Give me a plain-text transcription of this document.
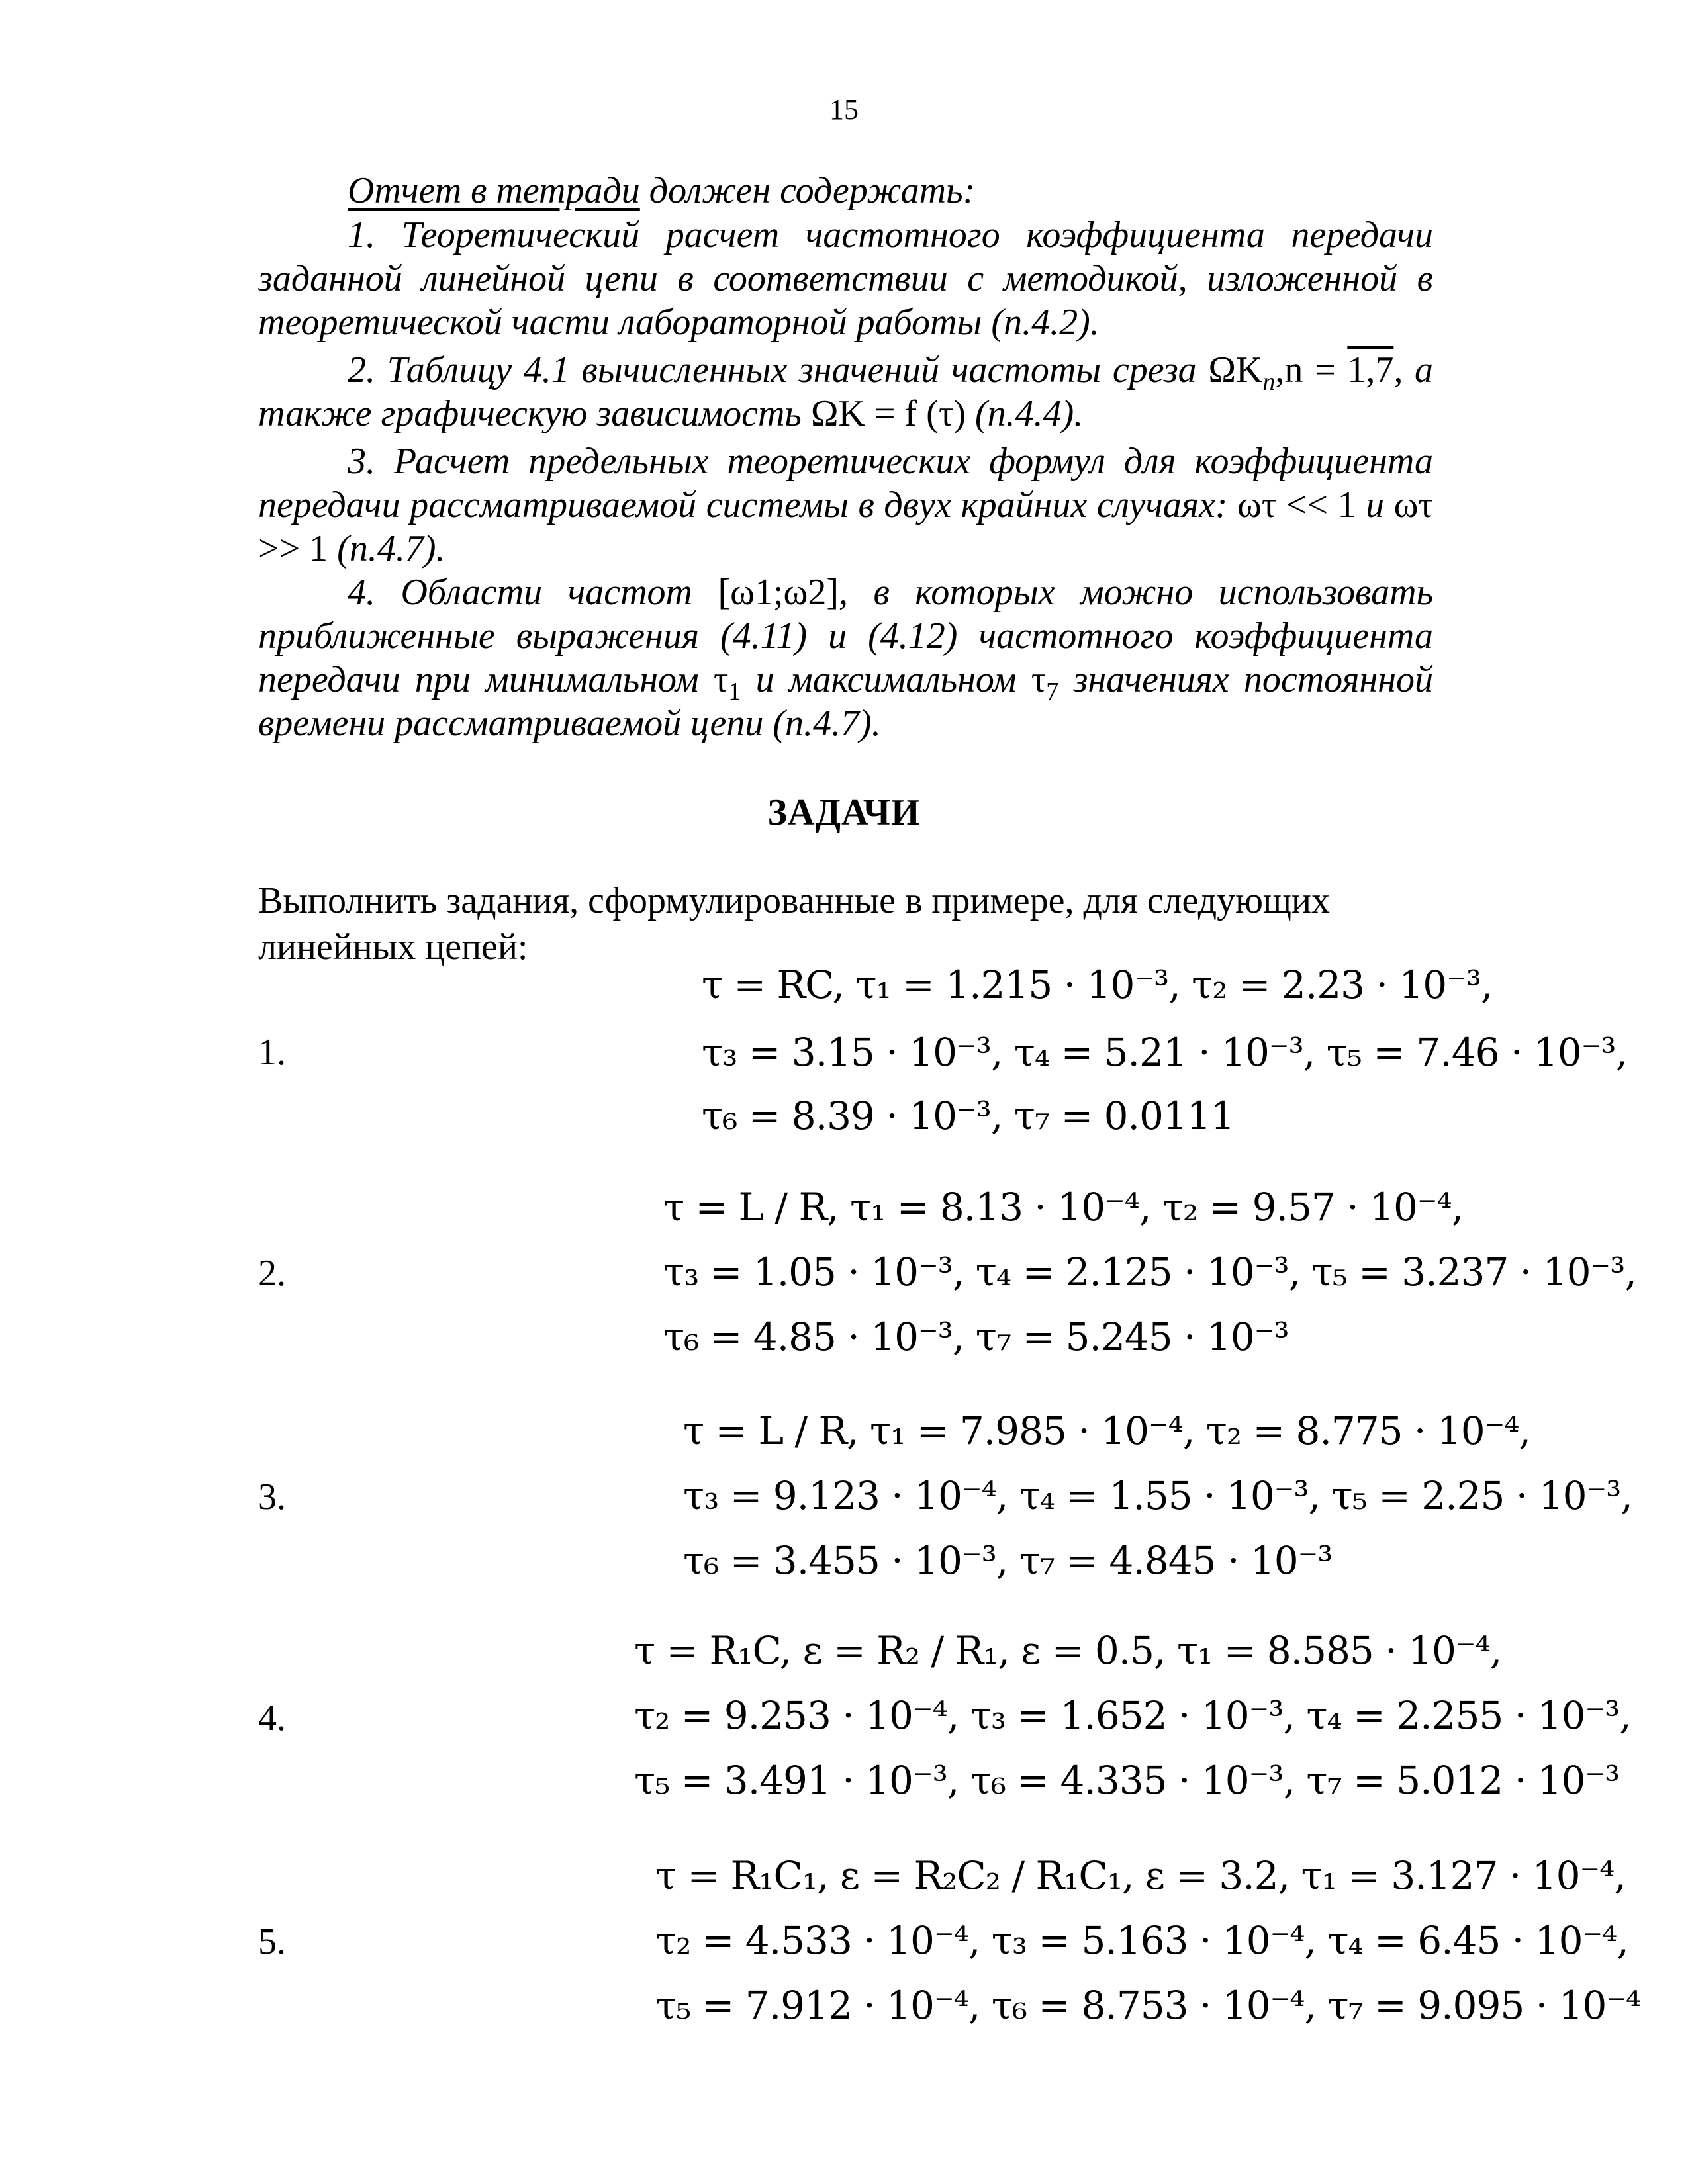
15
Отчет в тетради должен содержать:
1. Теоретический расчет частотного коэффициента передачи заданной линейной цепи в соответствии с методикой, изложенной в теоретической части лабораторной работы (п.4.2).
2. Таблицу 4.1 вычисленных значений частоты среза $\Omega K_n,n = 1,7$, а также графическую зависимость ΩK = f (τ) (п.4.4).
3. Расчет предельных теоретических формул для коэффициента передачи рассматриваемой системы в двух крайних случаях: ωτ << 1 и ωτ >> 1 (п.4.7).
4. Области частот [ω1;ω2], в которых можно использовать приближенные выражения (4.11) и (4.12) частотного коэффициента передачи при минимальном $\tau_1$ и максимальном $\tau_7$ значениях постоянной времени рассматриваемой цепи (п.4.7).
ЗАДАЧИ
Выполнить задания, сформулированные в примере, для следующих линейных цепей:
1.
τ = RC, τ₁ = 1.215 · 10⁻³, τ₂ = 2.23 · 10⁻³,
τ₃ = 3.15 · 10⁻³, τ₄ = 5.21 · 10⁻³, τ₅ = 7.46 · 10⁻³,
τ₆ = 8.39 · 10⁻³, τ₇ = 0.0111
2.
τ = L / R, τ₁ = 8.13 · 10⁻⁴, τ₂ = 9.57 · 10⁻⁴,
τ₃ = 1.05 · 10⁻³, τ₄ = 2.125 · 10⁻³, τ₅ = 3.237 · 10⁻³,
τ₆ = 4.85 · 10⁻³, τ₇ = 5.245 · 10⁻³
3.
τ = L / R, τ₁ = 7.985 · 10⁻⁴, τ₂ = 8.775 · 10⁻⁴,
τ₃ = 9.123 · 10⁻⁴, τ₄ = 1.55 · 10⁻³, τ₅ = 2.25 · 10⁻³,
τ₆ = 3.455 · 10⁻³, τ₇ = 4.845 · 10⁻³
4.
τ = R₁C, ε = R₂ / R₁, ε = 0.5, τ₁ = 8.585 · 10⁻⁴,
τ₂ = 9.253 · 10⁻⁴, τ₃ = 1.652 · 10⁻³, τ₄ = 2.255 · 10⁻³,
τ₅ = 3.491 · 10⁻³, τ₆ = 4.335 · 10⁻³, τ₇ = 5.012 · 10⁻³
5.
τ = R₁C₁, ε = R₂C₂ / R₁C₁, ε = 3.2, τ₁ = 3.127 · 10⁻⁴,
τ₂ = 4.533 · 10⁻⁴, τ₃ = 5.163 · 10⁻⁴, τ₄ = 6.45 · 10⁻⁴,
τ₅ = 7.912 · 10⁻⁴, τ₆ = 8.753 · 10⁻⁴, τ₇ = 9.095 · 10⁻⁴
